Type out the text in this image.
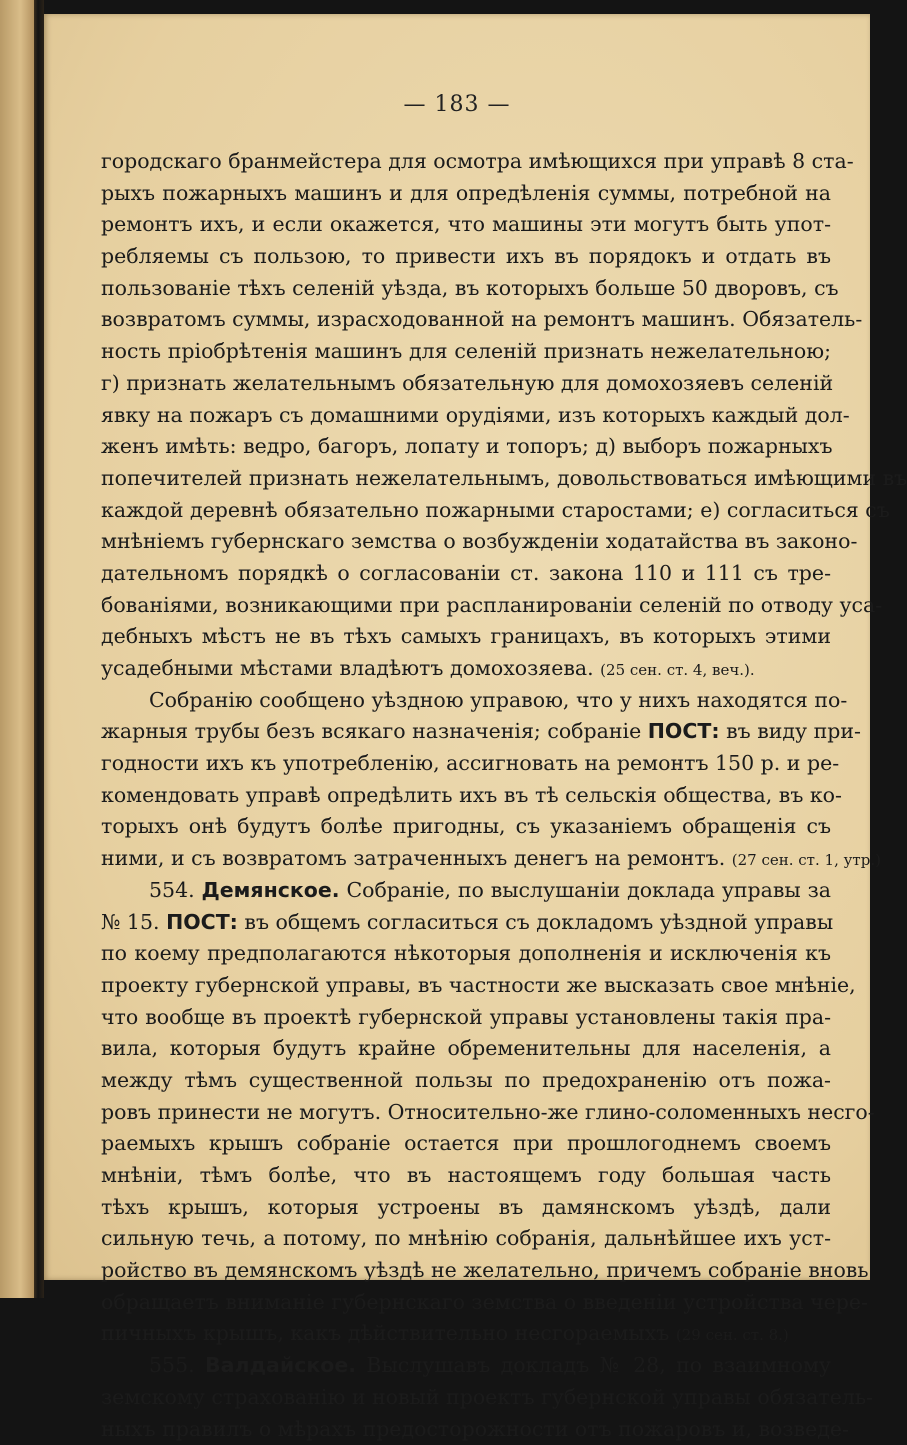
— 183 —
городскаго бранмейстера для осмотра имѣющихся при управѣ 8 ста-
рыхъ пожарныхъ машинъ и для опредѣленія суммы, потребной на
ремонтъ ихъ, и если окажется, что машины эти могутъ быть упот-
ребляемы съ пользою, то привести ихъ въ порядокъ и отдать въ
пользованіе тѣхъ селеній уѣзда, въ которыхъ больше 50 дворовъ, съ
возвратомъ суммы, израсходованной на ремонтъ машинъ. Обязатель-
ность пріобрѣтенія машинъ для селеній признать нежелательною;
г) признать желательнымъ обязательную для домохозяевъ селеній
явку на пожаръ съ домашними орудіями, изъ которыхъ каждый дол-
женъ имѣть: ведро, багоръ, лопату и топоръ; д) выборъ пожарныхъ
попечителей признать нежелательнымъ, довольствоваться имѣющими въ
каждой деревнѣ обязательно пожарными старостами; е) согласиться съ
мнѣніемъ губернскаго земства о возбужденіи ходатайства въ законо-
дательномъ порядкѣ о согласованіи ст. закона 110 и 111 съ тре-
бованіями, возникающими при распланированіи селеній по отводу уса-
дебныхъ мѣстъ не въ тѣхъ самыхъ границахъ, въ которыхъ этими
усадебными мѣстами владѣютъ домохозяева. (25 сен. ст. 4, веч.).
Собранію сообщено уѣздною управою, что у нихъ находятся по-
жарныя трубы безъ всякаго назначенія; собраніе ПОСТ: въ виду при-
годности ихъ къ употребленію, ассигновать на ремонтъ 150 р. и ре-
комендовать управѣ опредѣлить ихъ въ тѣ сельскія общества, въ ко-
торыхъ онѣ будутъ болѣе пригодны, съ указаніемъ обращенія съ
ними, и съ возвратомъ затраченныхъ денегъ на ремонтъ. (27 сен. ст. 1, утр.)
554. Демянское. Собраніе, по выслушаніи доклада управы за
№ 15. ПОСТ: въ общемъ согласиться съ докладомъ уѣздной управы
по коему предполагаются нѣкоторыя дополненія и исключенія къ
проекту губернской управы, въ частности же высказать свое мнѣніе,
что вообще въ проектѣ губернской управы установлены такія пра-
вила, которыя будутъ крайне обременительны для населенія, а
между тѣмъ существенной пользы по предохраненію отъ пожа-
ровъ принести не могутъ. Относительно-же глино-соломенныхъ несго-
раемыхъ крышъ собраніе остается при прошлогоднемъ своемъ
мнѣніи, тѣмъ болѣе, что въ настоящемъ году большая часть
тѣхъ крышъ, которыя устроены въ дамянскомъ уѣздѣ, дали
сильную течь, а потому, по мнѣнію собранія, дальнѣйшее ихъ уст-
ройство въ демянскомъ уѣздѣ не желательно, причемъ собраніе вновь
обращаетъ вниманіе губернскаго земства о введеніи устройства чере-
пичныхъ крышъ, какъ дѣйствительно несгораемыхъ (29 сен. ст. 8.)
555. Валдайское. Выслушавъ докладъ № 28, по взаимному
земскому страхованію и новый проектъ губернской управы обязатель-
ныхъ правилъ о мѣрахъ предосторожности отъ пожаровъ и, возведе-
